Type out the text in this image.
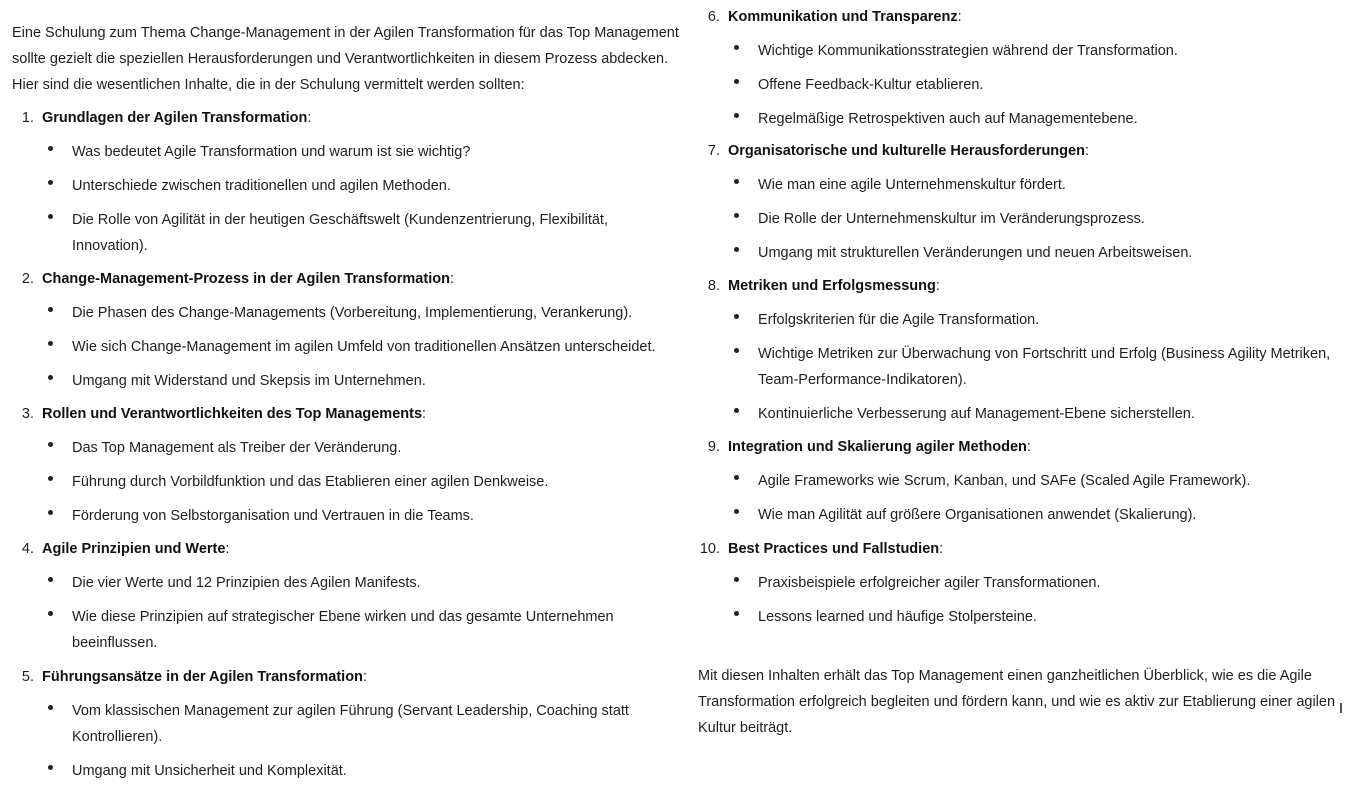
Eine Schulung zum Thema Change-Management in der Agilen Transformation für das Top Management sollte gezielt die speziellen Herausforderungen und Verantwortlichkeiten in diesem Prozess abdecken. Hier sind die wesentlichen Inhalte, die in der Schulung vermittelt werden sollten:

1. Grundlagen der Agilen Transformation:
Was bedeutet Agile Transformation und warum ist sie wichtig?
Unterschiede zwischen traditionellen und agilen Methoden.
Die Rolle von Agilität in der heutigen Geschäftswelt (Kundenzentrierung, Flexibilität, Innovation).
2. Change-Management-Prozess in der Agilen Transformation:
Die Phasen des Change-Managements (Vorbereitung, Implementierung, Verankerung).
Wie sich Change-Management im agilen Umfeld von traditionellen Ansätzen unterscheidet.
Umgang mit Widerstand und Skepsis im Unternehmen.
3. Rollen und Verantwortlichkeiten des Top Managements:
Das Top Management als Treiber der Veränderung.
Führung durch Vorbildfunktion und das Etablieren einer agilen Denkweise.
Förderung von Selbstorganisation und Vertrauen in die Teams.
4. Agile Prinzipien und Werte:
Die vier Werte und 12 Prinzipien des Agilen Manifests.
Wie diese Prinzipien auf strategischer Ebene wirken und das gesamte Unternehmen beeinflussen.
5. Führungsansätze in der Agilen Transformation:
Vom klassischen Management zur agilen Führung (Servant Leadership, Coaching statt Kontrollieren).
Umgang mit Unsicherheit und Komplexität.

Mit diesen Inhalten erhält das Top Management einen ganzheitlichen Überblick, wie es die Agile Transformation erfolgreich begleiten und fördern kann, und wie es aktiv zur Etablierung einer agilen Kultur beiträgt.

6. Kommunikation und Transparenz:
Wichtige Kommunikationsstrategien während der Transformation.
Offene Feedback-Kultur etablieren.
Regelmäßige Retrospektiven auch auf Managementebene.
7. Organisatorische und kulturelle Herausforderungen:
Wie man eine agile Unternehmenskultur fördert.
Die Rolle der Unternehmenskultur im Veränderungsprozess.
Umgang mit strukturellen Veränderungen und neuen Arbeitsweisen.
8. Metriken und Erfolgsmessung:
Erfolgskriterien für die Agile Transformation.
Wichtige Metriken zur Überwachung von Fortschritt und Erfolg (Business Agility Metriken, Team-Performance-Indikatoren).
Kontinuierliche Verbesserung auf Management-Ebene sicherstellen.
9. Integration und Skalierung agiler Methoden:
Agile Frameworks wie Scrum, Kanban, und SAFe (Scaled Agile Framework).
Wie man Agilität auf größere Organisationen anwendet (Skalierung).
10. Best Practices und Fallstudien:
Praxisbeispiele erfolgreicher agiler Transformationen.
Lessons learned und häufige Stolpersteine.
